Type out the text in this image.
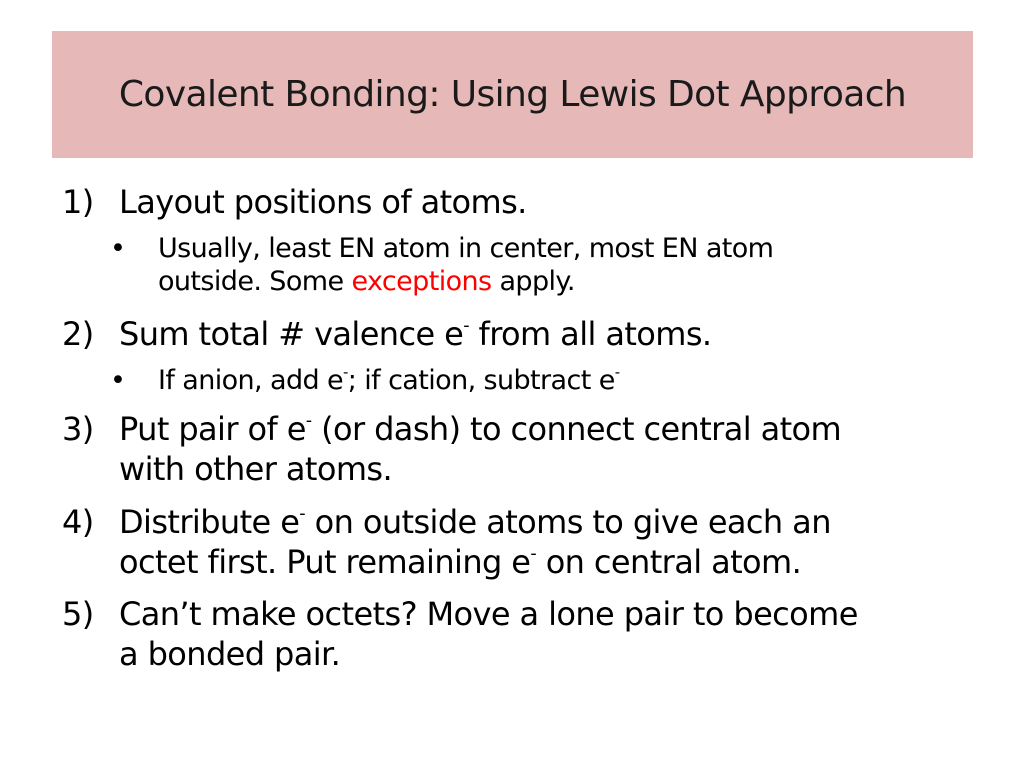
Covalent Bonding: Using Lewis Dot Approach
1) Layout positions of atoms.
•	Usually, least EN atom in center, most EN atom
outside. Some exceptions apply.
2) Sum total # valence e- from all atoms.
•	If anion, add e-; if cation, subtract e-
3) Put pair of e- (or dash) to connect central atom
with other atoms.
4) Distribute e- on outside atoms to give each an
octet first. Put remaining e- on central atom.
5) Can’t make octets? Move a lone pair to become
a bonded pair.
